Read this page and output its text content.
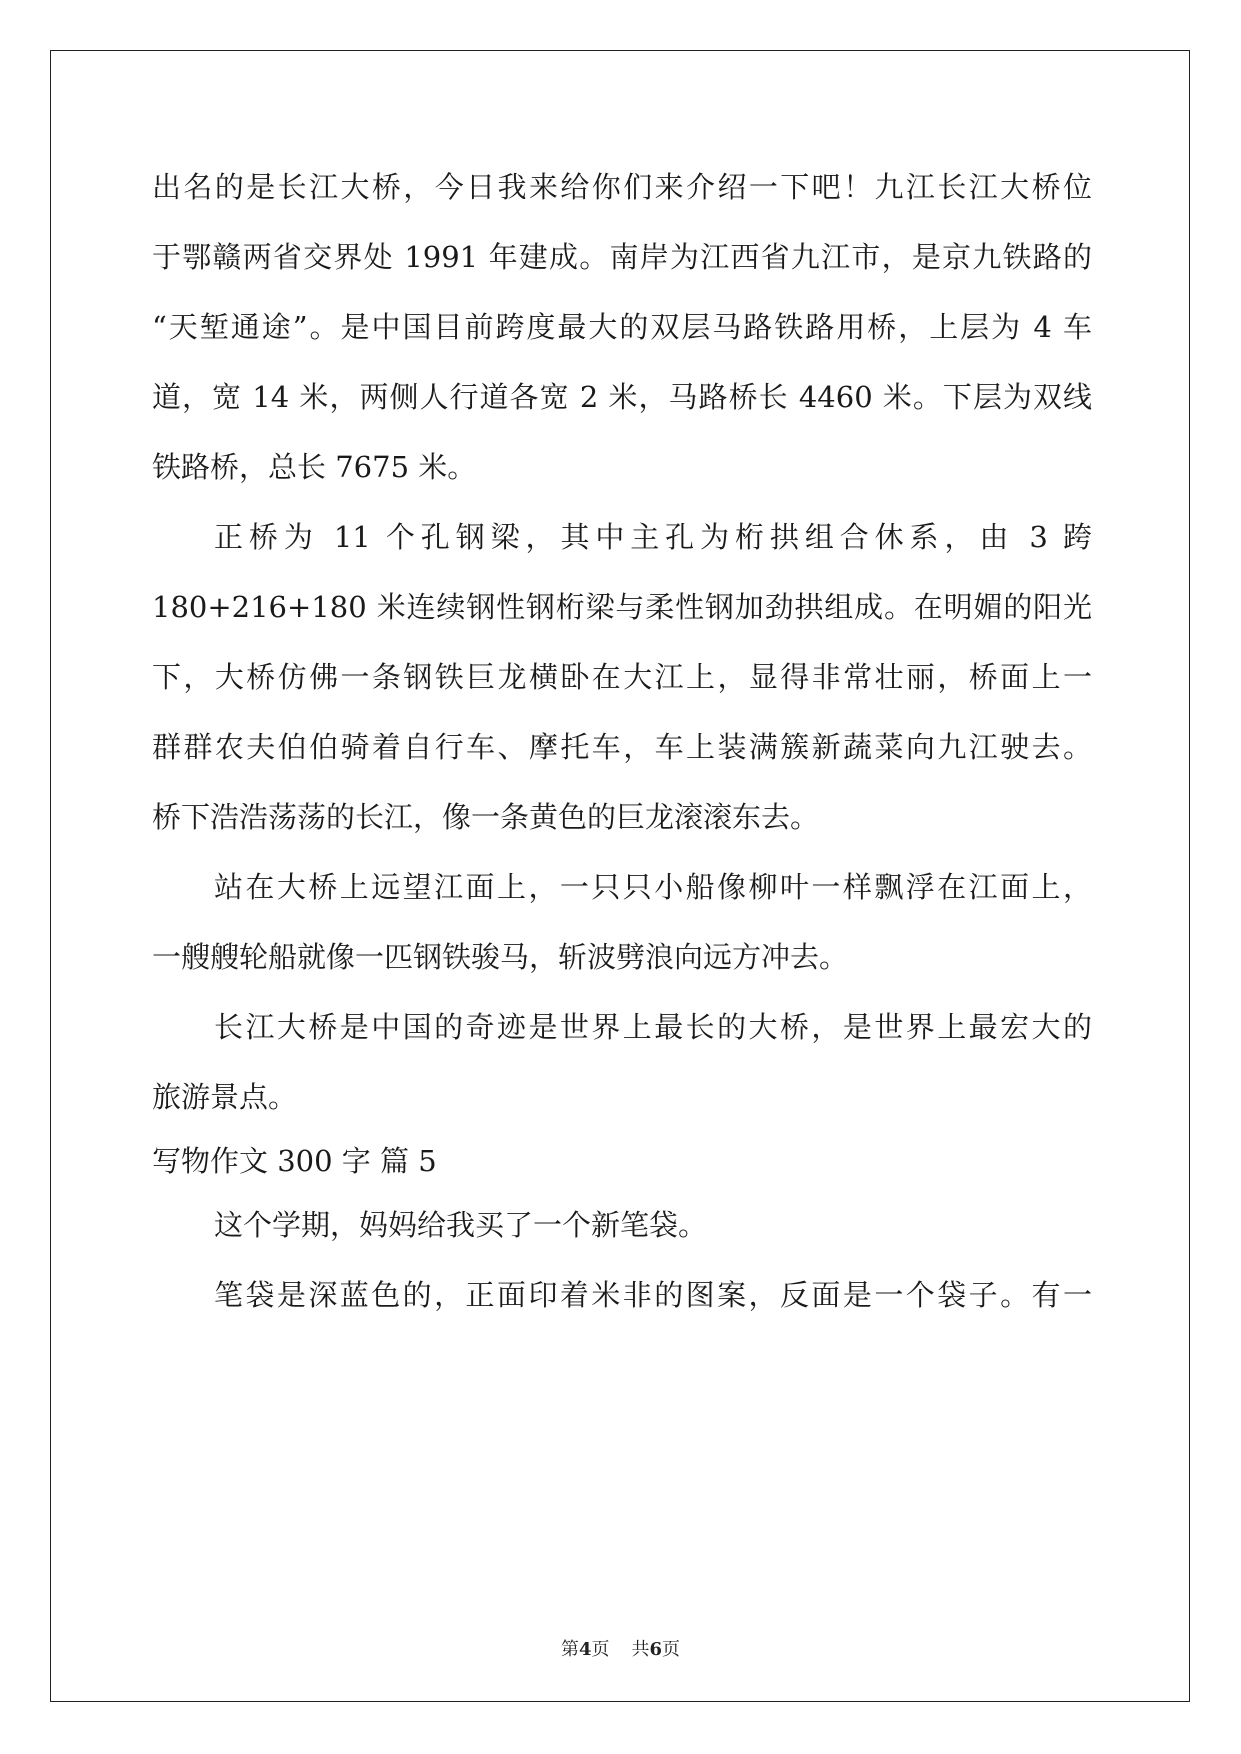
出名的是长江大桥，今日我来给你们来介绍一下吧！九江长江大桥位
于鄂赣两省交界处 1991 年建成。南岸为江西省九江市，是京九铁路的
“天堑通途”。是中国目前跨度最大的双层马路铁路用桥，上层为 4 车
道，宽 14 米，两侧人行道各宽 2 米，马路桥长 4460 米。下层为双线
铁路桥，总长 7675 米。
正桥为 11 个孔钢梁，其中主孔为桁拱组合休系，由 3 跨
180+216+180 米连续钢性钢桁梁与柔性钢加劲拱组成。在明媚的阳光
下，大桥仿佛一条钢铁巨龙横卧在大江上，显得非常壮丽，桥面上一
群群农夫伯伯骑着自行车、摩托车，车上装满簇新蔬菜向九江驶去。
桥下浩浩荡荡的长江，像一条黄色的巨龙滚滚东去。
站在大桥上远望江面上，一只只小船像柳叶一样飘浮在江面上，
一艘艘轮船就像一匹钢铁骏马，斩波劈浪向远方冲去。
长江大桥是中国的奇迹是世界上最长的大桥，是世界上最宏大的
旅游景点。
写物作文 300 字 篇 5
这个学期，妈妈给我买了一个新笔袋。
笔袋是深蓝色的，正面印着米非的图案，反面是一个袋子。有一
第4页 共6页
